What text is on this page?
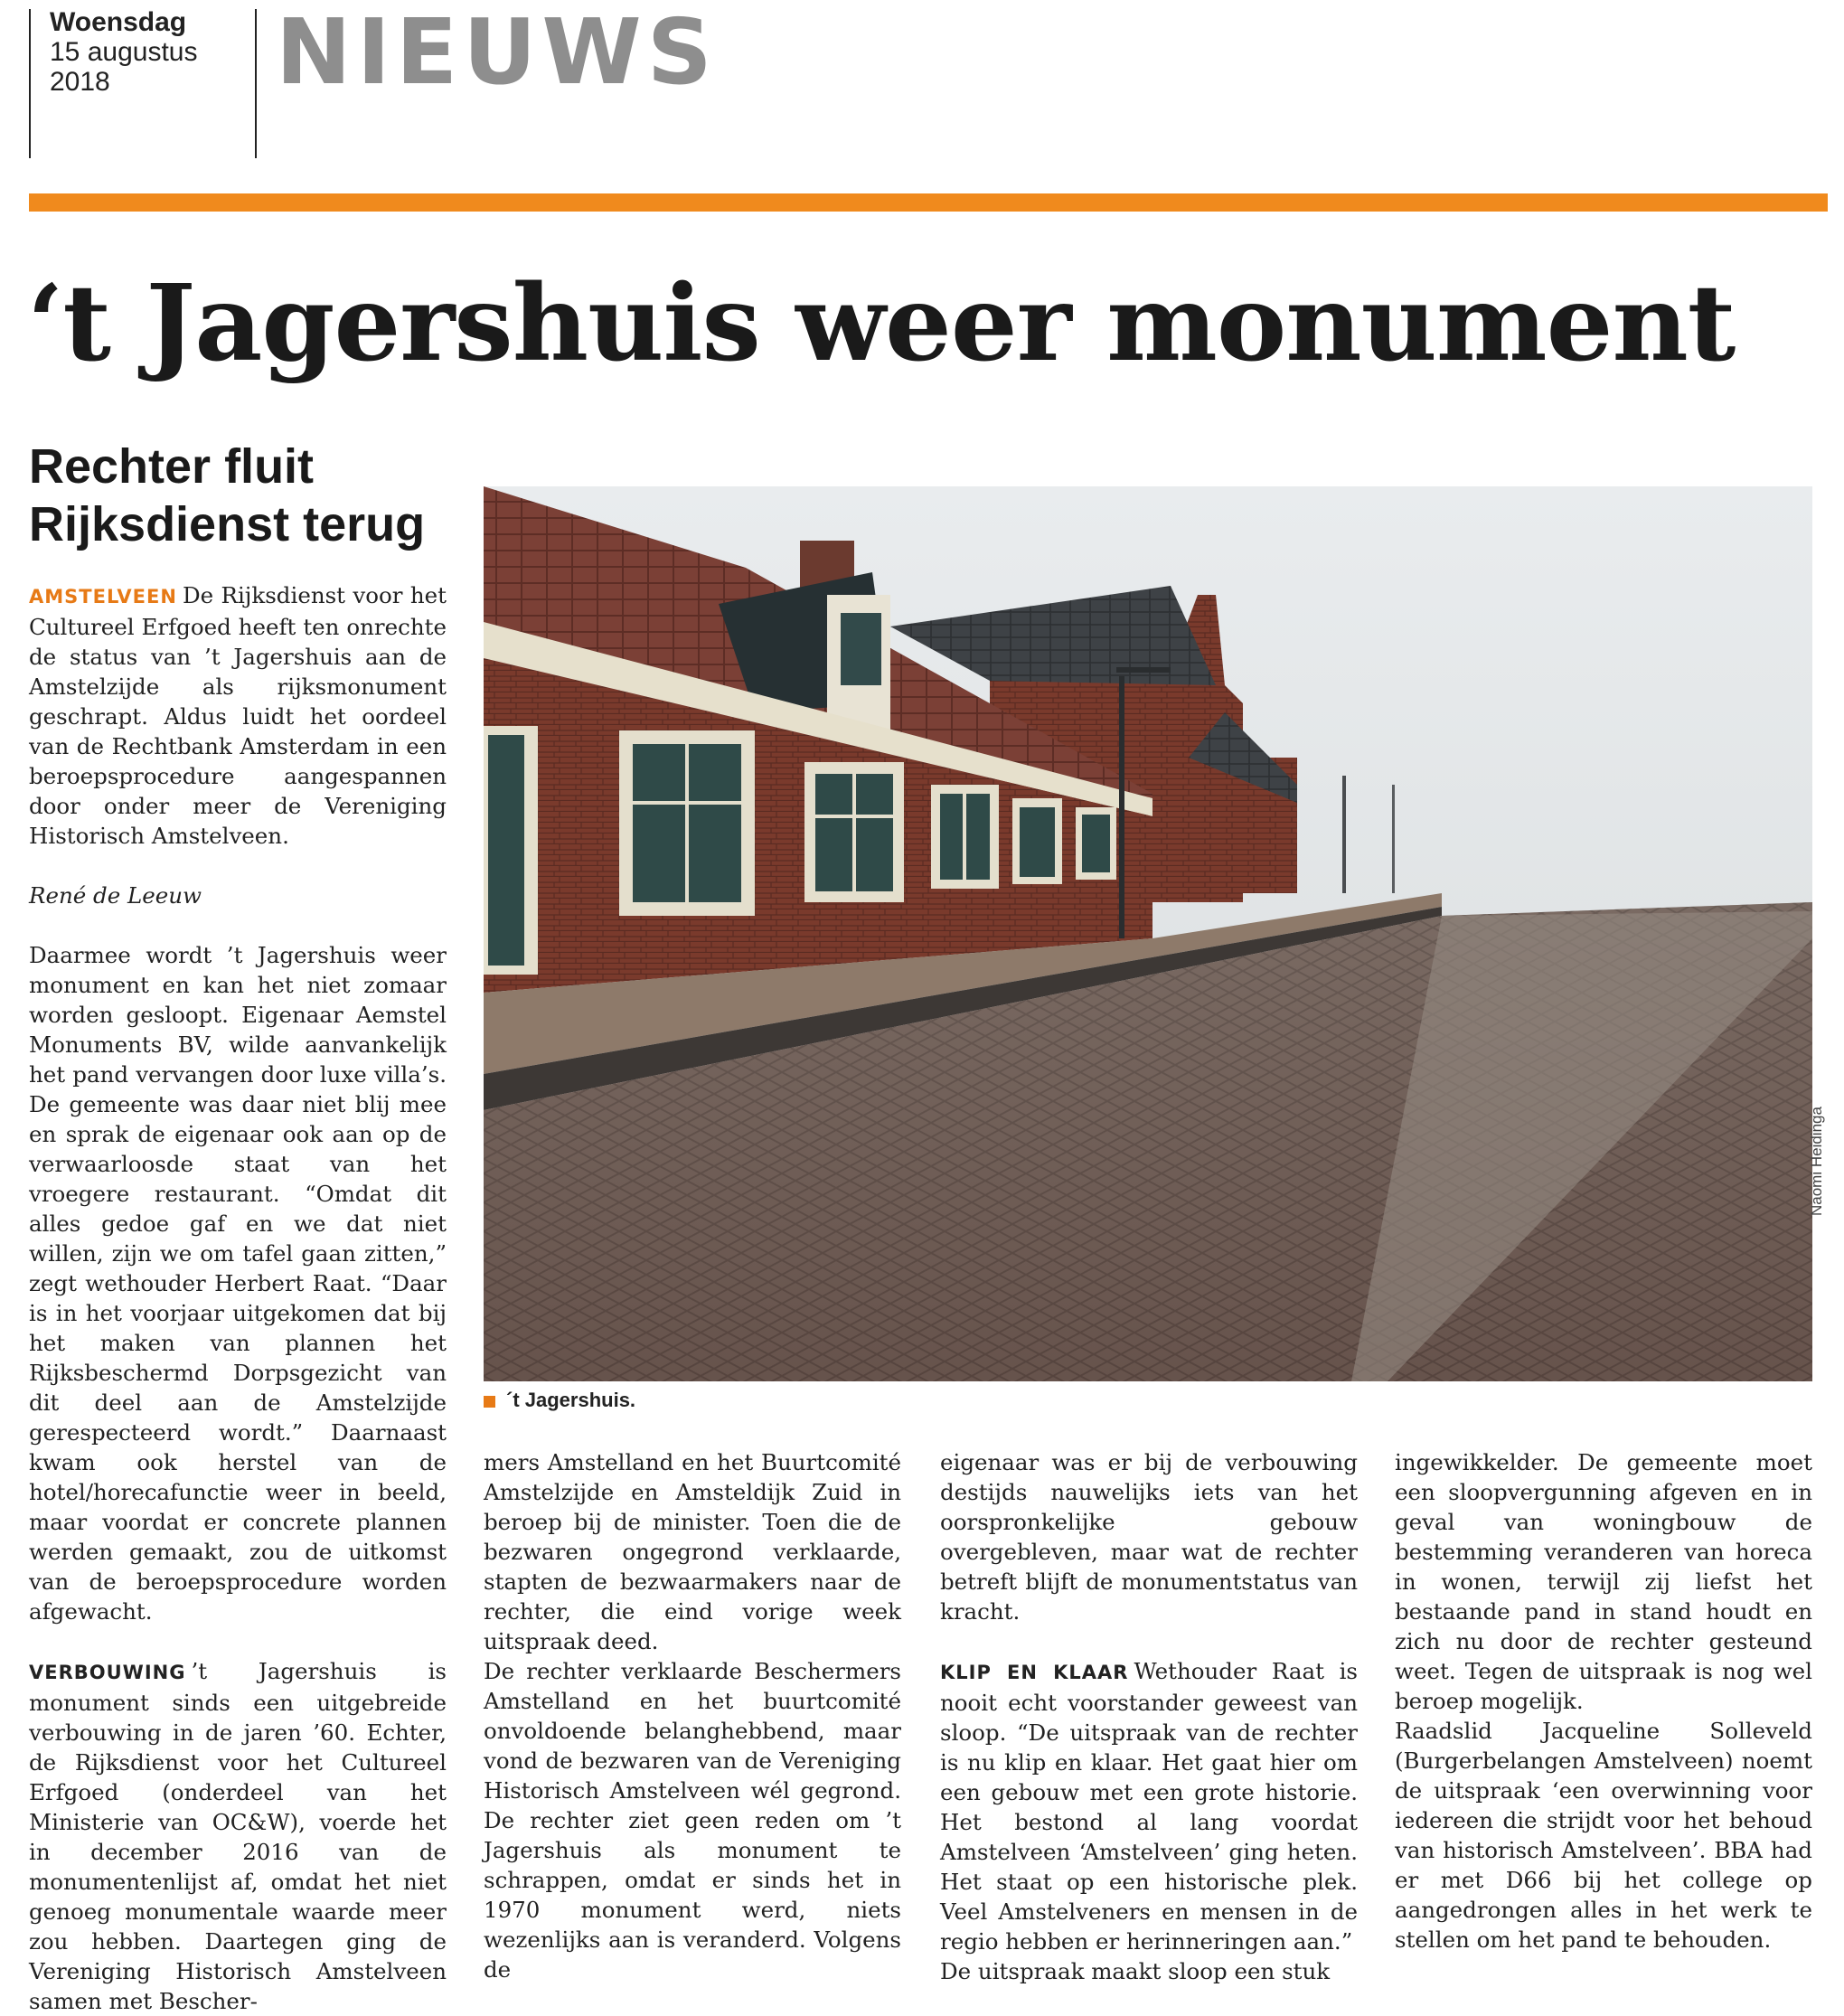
Woensdag
15 augustus
2018	NIEUWS
‘t Jagershuis weer monument
Rechter fluit
Rijksdienst terug

AMSTELVEEN De Rijksdienst voor het Cultureel Erfgoed heeft ten onrechte de status van ’t Jagershuis aan de Amstelzijde als rijksmonument geschrapt. Aldus luidt het oordeel van de Rechtbank Amsterdam in een beroepsprocedure aangespannen door onder meer de Vereniging Historisch Amstelveen.

René de Leeuw

Daarmee wordt ’t Jagershuis weer monument en kan het niet zomaar worden gesloopt. Eigenaar Aemstel Monuments BV, wilde aanvankelijk het pand vervangen door luxe villa’s. De gemeente was daar niet blij mee en sprak de eigenaar ook aan op de verwaarloosde staat van het vroegere restaurant. “Omdat dit alles gedoe gaf en we dat niet willen, zijn we om tafel gaan zitten,” zegt wethouder Herbert Raat. “Daar is in het voorjaar uitgekomen dat bij het maken van plannen het Rijksbeschermd Dorpsgezicht van dit deel aan de Amstelzijde gerespecteerd wordt.” Daarnaast kwam ook herstel van de hotel/horecafunctie weer in beeld, maar voordat er concrete plannen werden gemaakt, zou de uitkomst van de beroepsprocedure worden afgewacht.

VERBOUWING ’t Jagershuis is monument sinds een uitgebreide verbouwing in de jaren ’60. Echter, de Rijksdienst voor het Cultureel Erfgoed (onderdeel van het Ministerie van OC&W), voerde het in december 2016 van de monumentenlijst af, omdat het niet genoeg monumentale waarde meer zou hebben. Daartegen ging de Vereniging Historisch Amstelveen samen met Bescher-

Naomi Heidinga
´t Jagershuis.

mers Amstelland en het Buurtcomité Amstelzijde en Amsteldijk Zuid in beroep bij de minister. Toen die de bezwaren ongegrond verklaarde, stapten de bezwaarmakers naar de rechter, die eind vorige week uitspraak deed.

De rechter verklaarde Beschermers Amstelland en het buurtcomité onvoldoende belanghebbend, maar vond de bezwaren van de Vereniging Historisch Amstelveen wél gegrond. De rechter ziet geen reden om ’t Jagershuis als monument te schrappen, omdat er sinds het in 1970 monument werd, niets wezenlijks aan is veranderd. Volgens de

eigenaar was er bij de verbouwing destijds nauwelijks iets van het oorspronkelijke gebouw overgebleven, maar wat de rechter betreft blijft de monumentstatus van kracht.

KLIP EN KLAAR Wethouder Raat is nooit echt voorstander geweest van sloop. “De uitspraak van de rechter is nu klip en klaar. Het gaat hier om een gebouw met een grote historie. Het bestond al lang voordat Amstelveen ‘Amstelveen’ ging heten. Het staat op een historische plek. Veel Amstelveners en mensen in de regio hebben er herinneringen aan.”

De uitspraak maakt sloop een stuk

ingewikkelder. De gemeente moet een sloopvergunning afgeven en in geval van woningbouw de bestemming veranderen van horeca in wonen, terwijl zij liefst het bestaande pand in stand houdt en zich nu door de rechter gesteund weet. Tegen de uitspraak is nog wel beroep mogelijk.

Raadslid Jacqueline Solleveld (Burgerbelangen Amstelveen) noemt de uitspraak ‘een overwinning voor iedereen die strijdt voor het behoud van historisch Amstelveen’. BBA had er met D66 bij het college op aangedrongen alles in het werk te stellen om het pand te behouden.
